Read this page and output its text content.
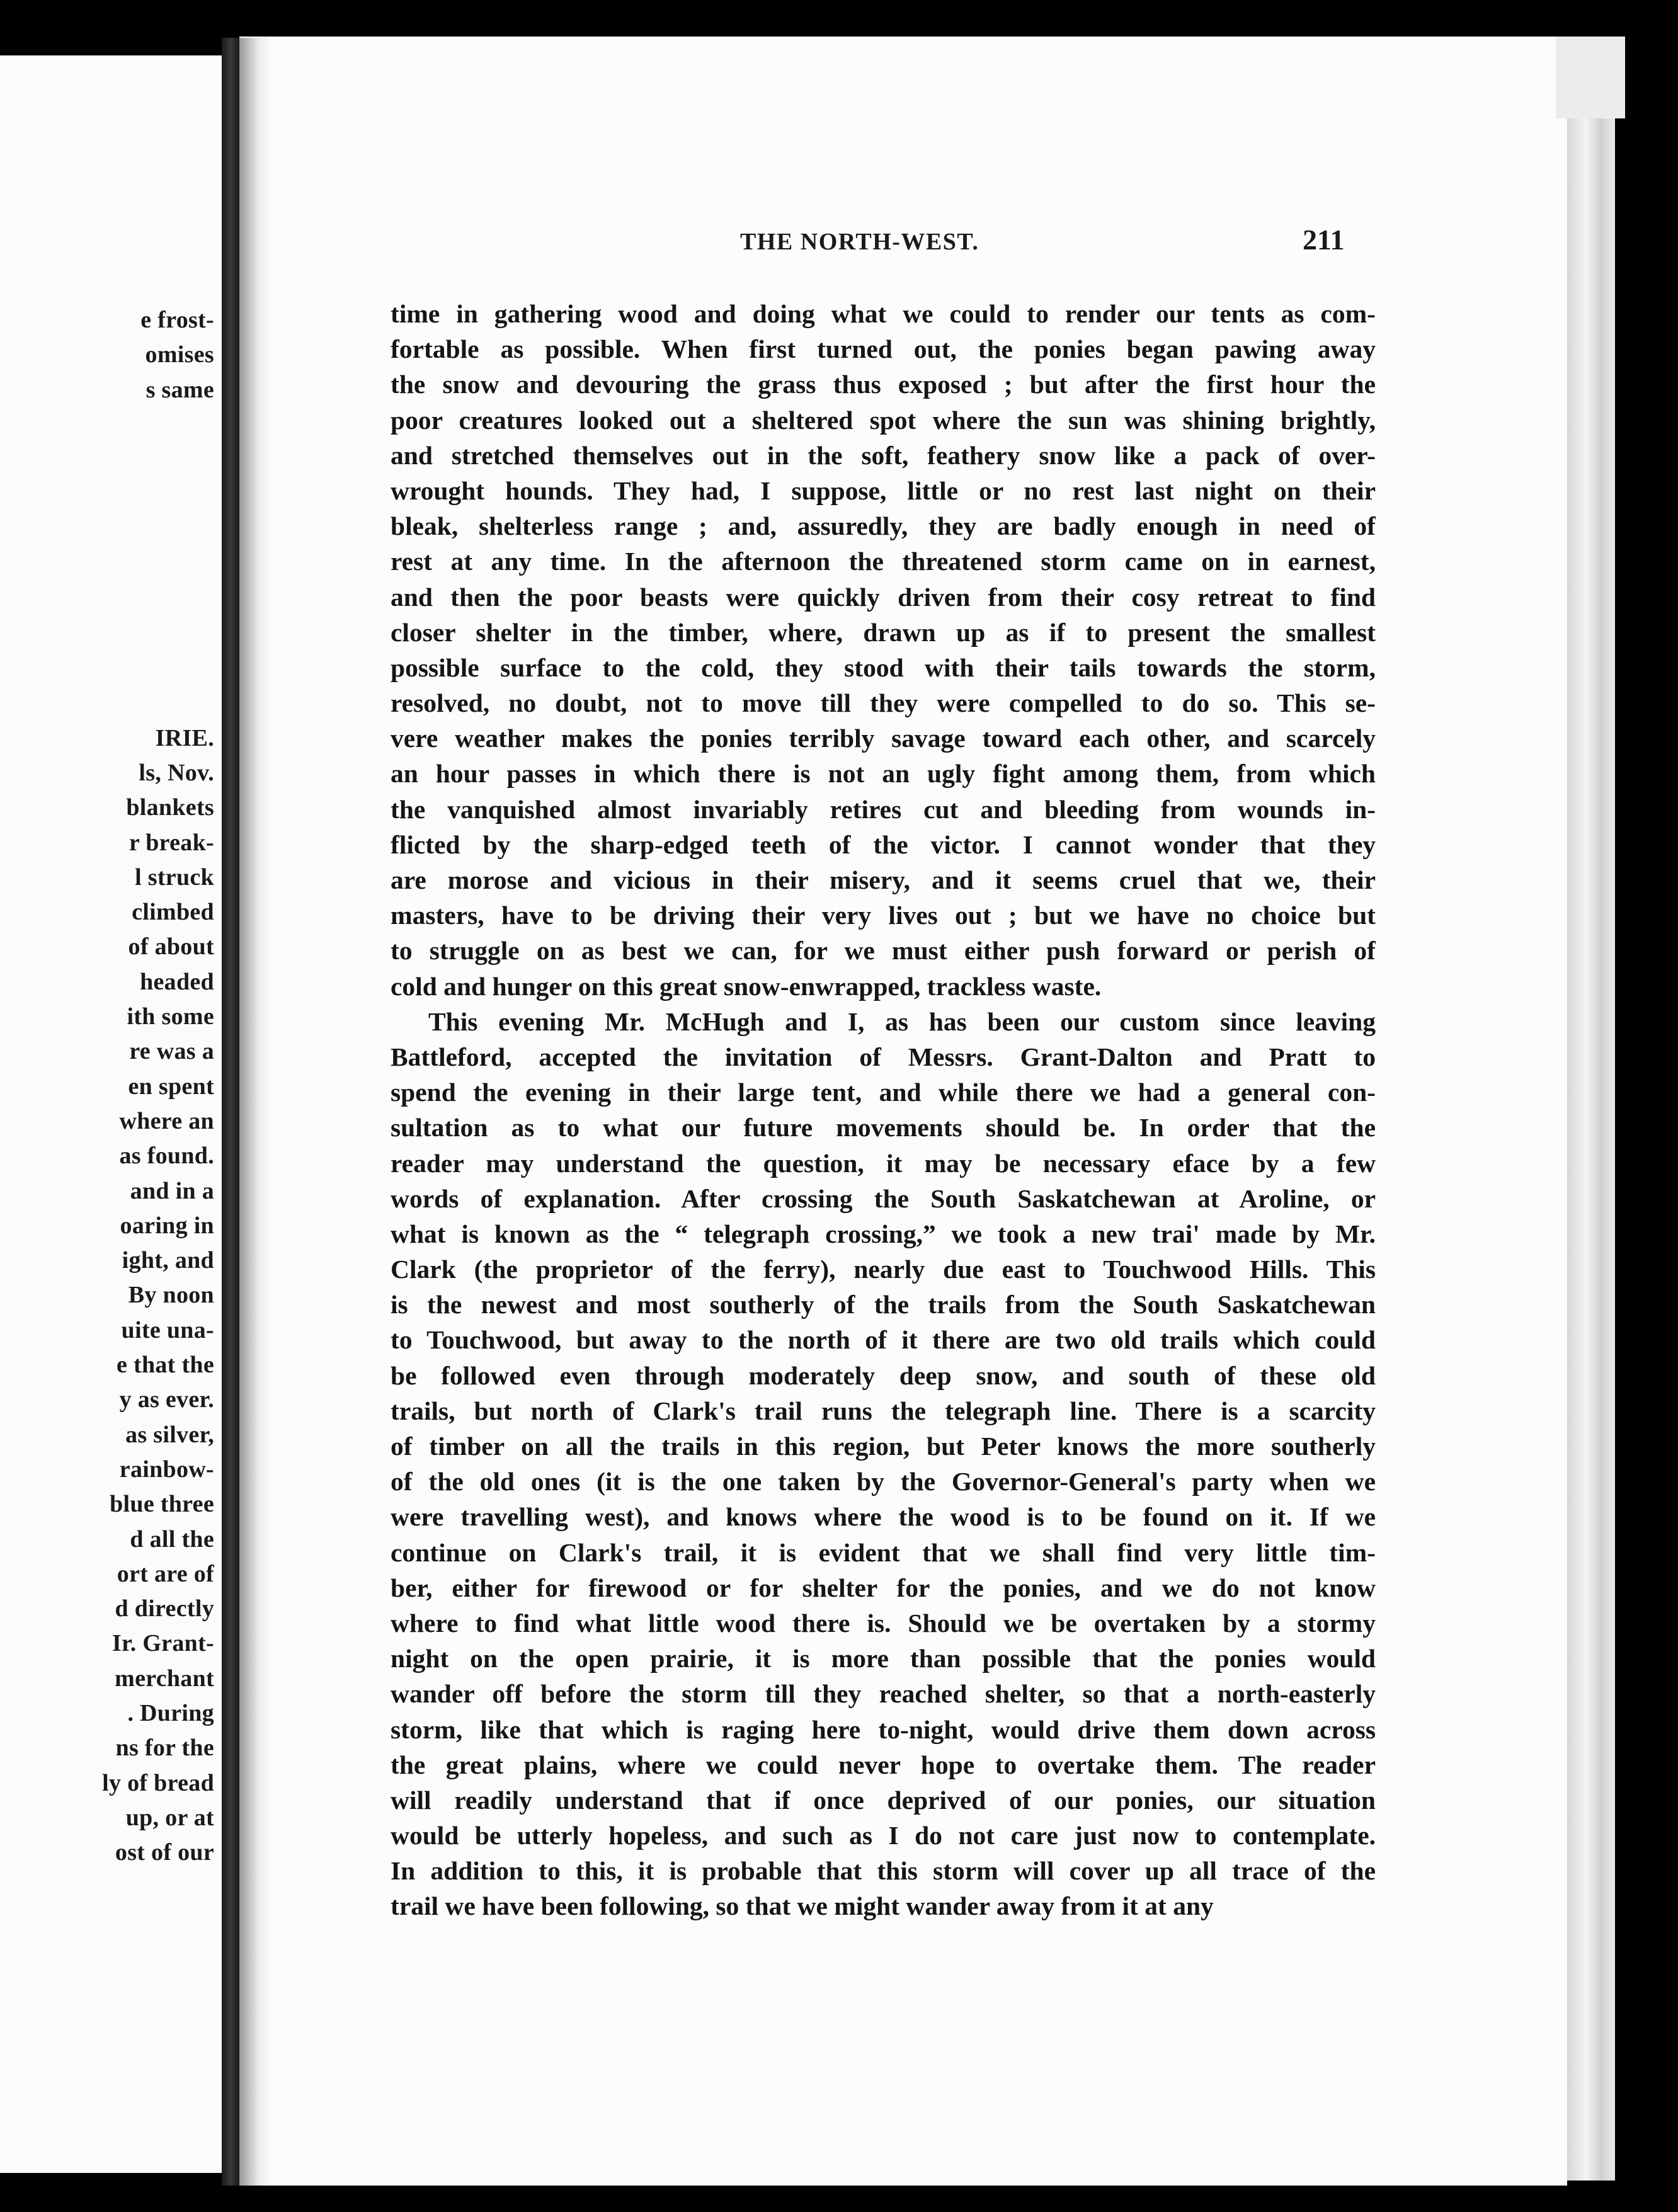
e frost-
omises
s same
IRIE.
ls, Nov.
blankets
r break-
l struck
climbed
of about
headed
ith some
re was a
en spent
where an
as found.
and in a
oaring in
ight, and
By noon
uite una-
e that the
y as ever.
as silver,
rainbow-
blue three
d all the
ort are of
d directly
Ir. Grant-
merchant
. During
ns for the
ly of bread
up, or at
ost of our
THE NORTH-WEST.	211
time in gathering wood and doing what we could to render our tents as com-
fortable as possible. When first turned out, the ponies began pawing away
the snow and devouring the grass thus exposed ; but after the first hour the
poor creatures looked out a sheltered spot where the sun was shining brightly,
and stretched themselves out in the soft, feathery snow like a pack of over-
wrought hounds. They had, I suppose, little or no rest last night on their
bleak, shelterless range ; and, assuredly, they are badly enough in need of
rest at any time. In the afternoon the threatened storm came on in earnest,
and then the poor beasts were quickly driven from their cosy retreat to find
closer shelter in the timber, where, drawn up as if to present the smallest
possible surface to the cold, they stood with their tails towards the storm,
resolved, no doubt, not to move till they were compelled to do so. This se-
vere weather makes the ponies terribly savage toward each other, and scarcely
an hour passes in which there is not an ugly fight among them, from which
the vanquished almost invariably retires cut and bleeding from wounds in-
flicted by the sharp-edged teeth of the victor. I cannot wonder that they
are morose and vicious in their misery, and it seems cruel that we, their
masters, have to be driving their very lives out ; but we have no choice but
to struggle on as best we can, for we must either push forward or perish of
cold and hunger on this great snow-enwrapped, trackless waste.
This evening Mr. McHugh and I, as has been our custom since leaving
Battleford, accepted the invitation of Messrs. Grant-Dalton and Pratt to
spend the evening in their large tent, and while there we had a general con-
sultation as to what our future movements should be. In order that the
reader may understand the question, it may be necessary eface by a few
words of explanation. After crossing the South Saskatchewan at Aroline, or
what is known as the “ telegraph crossing,” we took a new trai' made by Mr.
Clark (the proprietor of the ferry), nearly due east to Touchwood Hills. This
is the newest and most southerly of the trails from the South Saskatchewan
to Touchwood, but away to the north of it there are two old trails which could
be followed even through moderately deep snow, and south of these old
trails, but north of Clark's trail runs the telegraph line. There is a scarcity
of timber on all the trails in this region, but Peter knows the more southerly
of the old ones (it is the one taken by the Governor-General's party when we
were travelling west), and knows where the wood is to be found on it. If we
continue on Clark's trail, it is evident that we shall find very little tim-
ber, either for firewood or for shelter for the ponies, and we do not know
where to find what little wood there is. Should we be overtaken by a stormy
night on the open prairie, it is more than possible that the ponies would
wander off before the storm till they reached shelter, so that a north-easterly
storm, like that which is raging here to-night, would drive them down across
the great plains, where we could never hope to overtake them. The reader
will readily understand that if once deprived of our ponies, our situation
would be utterly hopeless, and such as I do not care just now to contemplate.
In addition to this, it is probable that this storm will cover up all trace of the
trail we have been following, so that we might wander away from it at any
